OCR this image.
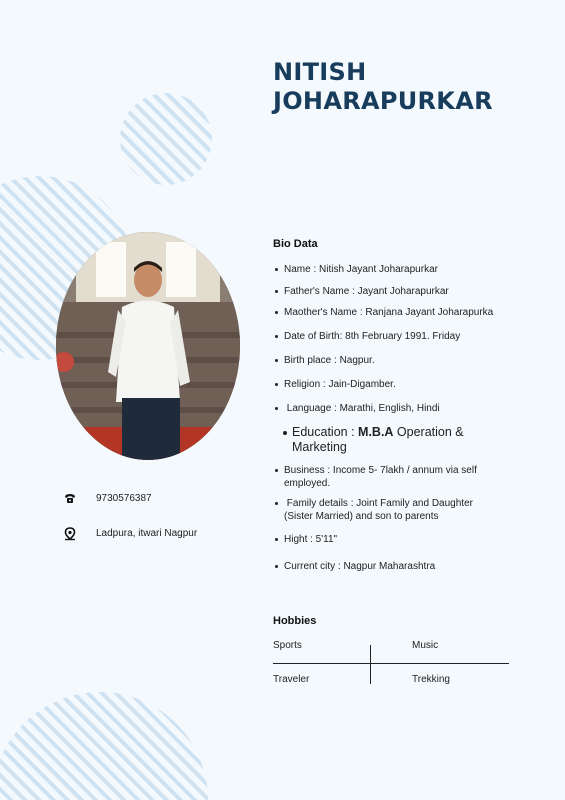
NITISH
JOHARAPURKAR
Bio Data
Name : Nitish Jayant Joharapurkar
Father's Name : Jayant Joharapurkar
Maother's Name : Ranjana Jayant Joharapurka
Date of Birth: 8th February 1991. Friday
Birth place : Nagpur.
Religion : Jain-Digamber.
Language : Marathi, English, Hindi
Education : M.B.A Operation & Marketing
Business : Income 5- 7lakh / annum via self employed.
Family details : Joint Family and Daughter (Sister Married) and son to parents
Hight : 5'11"
Current city : Nagpur Maharashtra
9730576387
Ladpura, itwari Nagpur
Hobbies
Sports	Music
Traveler	Trekking
